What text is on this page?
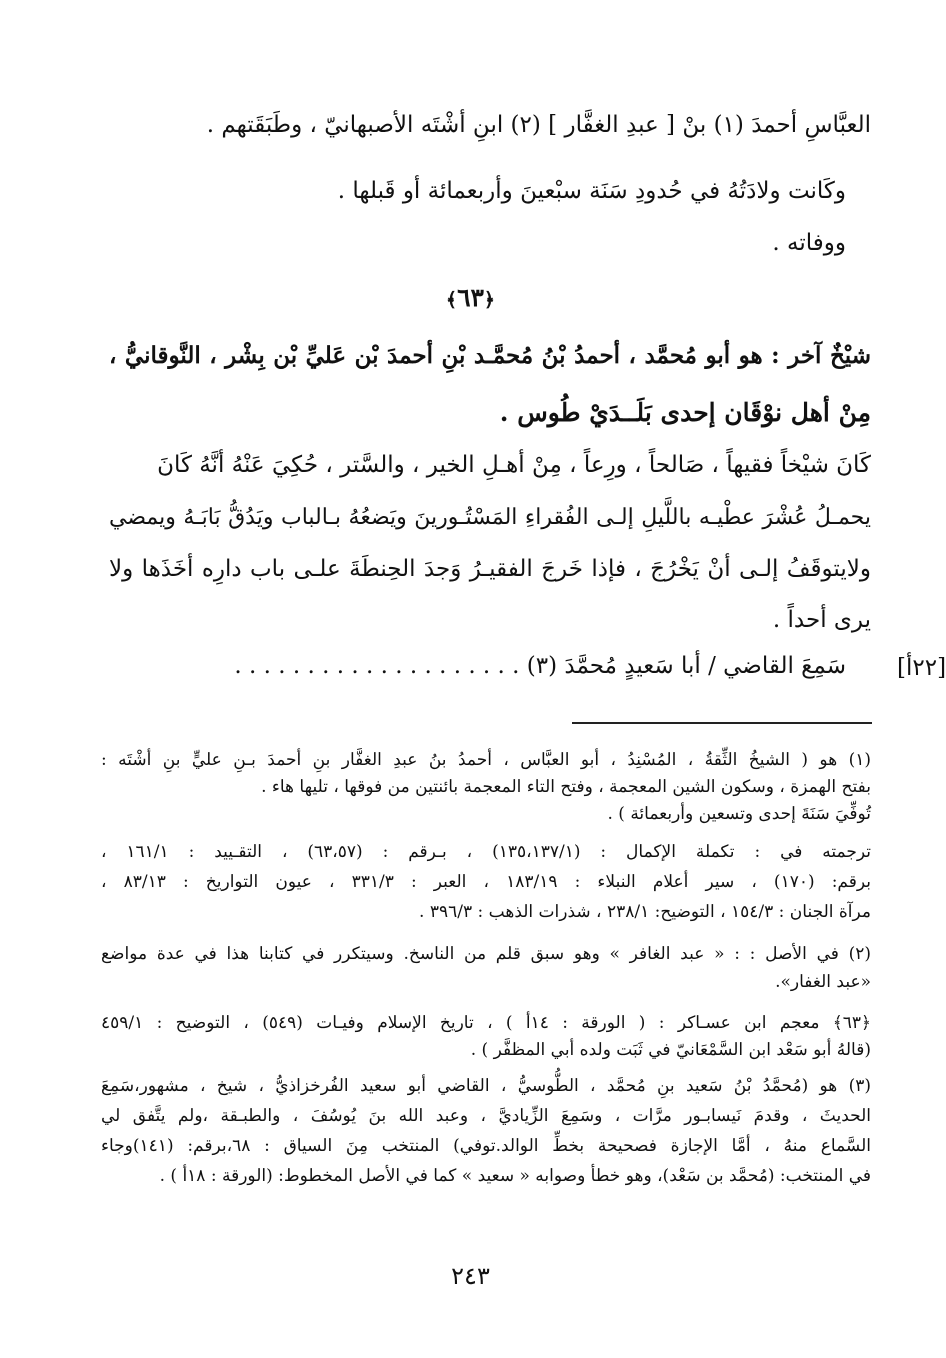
العبَّاسِ أحمدَ (١) بنْ [ عبدِ الغفَّار ] (٢) ابنِ أشْتَه الأصبهانيّ ، وطَبَقَتهم .
وكَانت ولادَتُهُ في حُدودِ سَنَة سبْعينَ وأربعمائة أو قَبلها .
ووفاته .
﴿٦٣﴾
شيْخٌ آخر : هو أبو مُحمَّد ، أحمدُ بْنُ مُحمَّـد بْنِ أحمدَ بْن عَليِّ بْن بِشْر ، النَّوقانيُّ ،
مِنْ أهل نوْقَان إحدى بَلَــدَيْ طُوس .
كَانَ شيْخاً فقيهاً ، صَالحاً ، ورِعاً ، مِنْ أهـلِ الخير ، والسَّتر ، حُكِيَ عَنْهُ أنَّهُ كَانَ
يحمـلُ عُشْرَ عطْيـه باللَّيلِ إلـى الفُقراءِ المَسْتُـورينَ ويَضعُهُ بـالباب ويَدُقُّ بَابَـهُ ويمضي
ولايتوقَفُ إلـى أنْ يَخْرُجَ ، فإذا خَرجَ الفقيـرُ وَجدَ الحِنطَةَ علـى باب دارِه أخَذَها ولا
يرى أحداً .
سَمِعَ القاضي / أبا سَعيدٍ مُحمَّدَ (٣) . . . . . . . . . . . . . . . . . . . . [٢٢أ]
(١) هو ( الشيخُ الثِّقةُ ، المُسْنِدُ ، أبو العبَّاس ، أحمدُ بنُ عبدِ الغفَّار بنِ أحمدَ بـنِ عليٍّ بنِ أشْتَه :
بفتح الهمزة ، وسكون الشين المعجمة ، وفتح التاء المعجمة بائنتين من فوقها ، تليها هاء .
تُوفِّيَ سَنَةَ إحدى وتسعين وأربعمائة ) .
ترجمته في : تكملة الإكمال : (١٣٥،١٣٧/١) ، بـرقم : (٦٣،٥٧) ، التقـييد : ١٦١/١ ،
برقم: (١٧٠) ، سير أعلام النبلاء : ١٨٣/١٩ ، العبر : ٣٣١/٣ ، عيون التواريخ : ٨٣/١٣ ،
مرآة الجنان : ١٥٤/٣ ، التوضيح: ٢٣٨/١ ، شذرات الذهب : ٣٩٦/٣ .
(٢) في الأصل : : « عبد الغافر » وهو سبق قلم من الناسخ. وسيتكرر في كتابنا هذا في عدة مواضع
«عبد الغفار».
﴿٦٣﴾ معجم ابن عسـاكر : ( الورقة : ١٤أ ) ، تاريخ الإسلام وفيـات (٥٤٩) ، التوضيح : ٤٥٩/١
(قالهُ أبو سَعْد ابن السَّمْعَانيّ في ثَبَت ولده أبي المظفَّر ) .
(٣) هو (مُحمَّدُ بْنُ سَعيد بنِ مُحمَّد ، الطُّوسيُّ ، القاضي أبو سعيد الفُرخزاذيُّ ، شيخ ، مشهور،سَمِعَ
الحديثَ ، وقدمَ نَيسابـور مرَّات ، وسَمِعَ الزِّياديَّ ، وعبد الله بنَ يُوسُفَ ، والطبـقة ،ولم يتَّفق لي
السَّماع منهُ ، أمَّا الإجازة فصحيحة بخطِّ الوالد.توفي) المنتخب مِنَ السياق : ٦٨،برقم: (١٤١)وجاء
في المنتخب: (مُحمَّد بن سَعْد)، وهو خطأ وصوابه « سعيد » كما في الأصل المخطوط: (الورقة : ١٨أ ) .
٢٤٣
